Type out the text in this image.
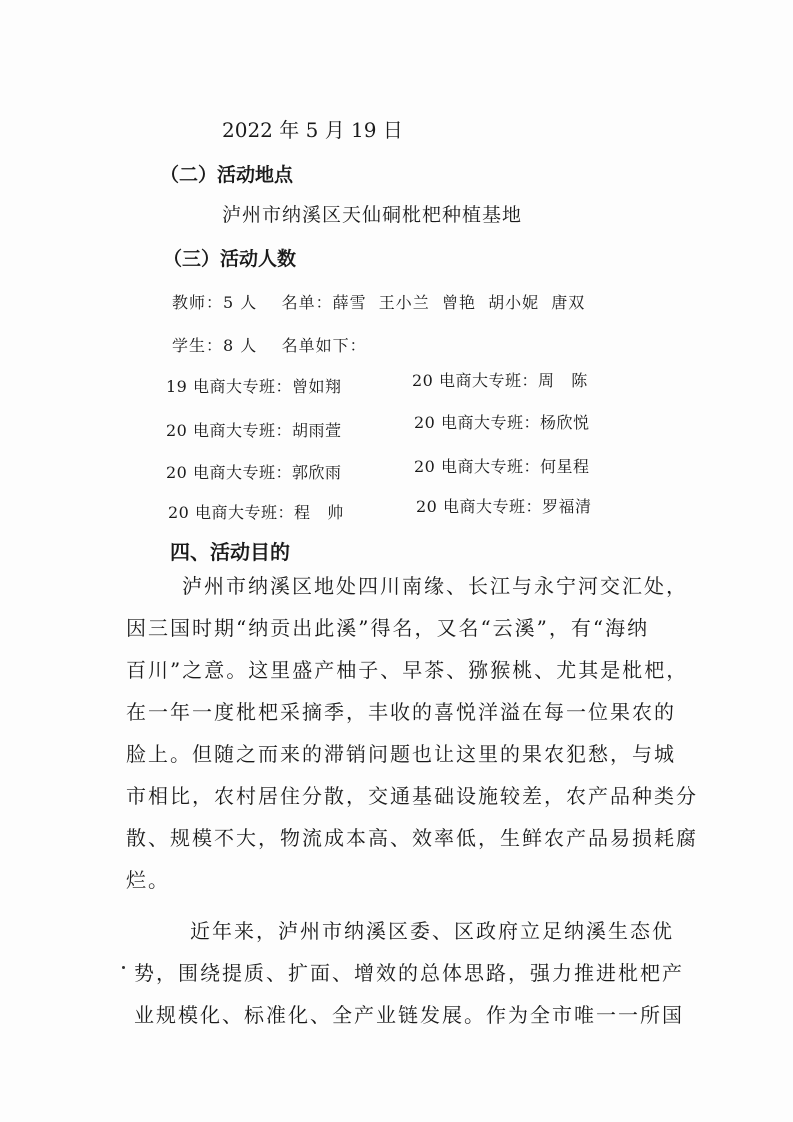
2022 年 5 月 19 日
（二）活动地点
泸州市纳溪区天仙硐枇杷种植基地
（三）活动人数
教师：5 人    名单：薛雪  王小兰  曾艳  胡小妮  唐双
学生：8 人    名单如下：
19 电商大专班：曾如翔	20 电商大专班：周   陈
20 电商大专班：胡雨萱	20 电商大专班：杨欣悦
20 电商大专班：郭欣雨	20 电商大专班：何星程
20 电商大专班：程   帅	20 电商大专班：罗福清
四、活动目的
泸州市纳溪区地处四川南缘、长江与永宁河交汇处，
因三国时期“纳贡出此溪”得名，又名“云溪”，有“海纳
百川”之意。这里盛产柚子、早茶、猕猴桃、尤其是枇杷，
在一年一度枇杷采摘季，丰收的喜悦洋溢在每一位果农的
脸上。但随之而来的滞销问题也让这里的果农犯愁，与城
市相比，农村居住分散，交通基础设施较差，农产品种类分
散、规模不大，物流成本高、效率低，生鲜农产品易损耗腐
烂。
近年来，泸州市纳溪区委、区政府立足纳溪生态优
势，围绕提质、扩面、增效的总体思路，强力推进枇杷产
业规模化、标准化、全产业链发展。作为全市唯一一所国
